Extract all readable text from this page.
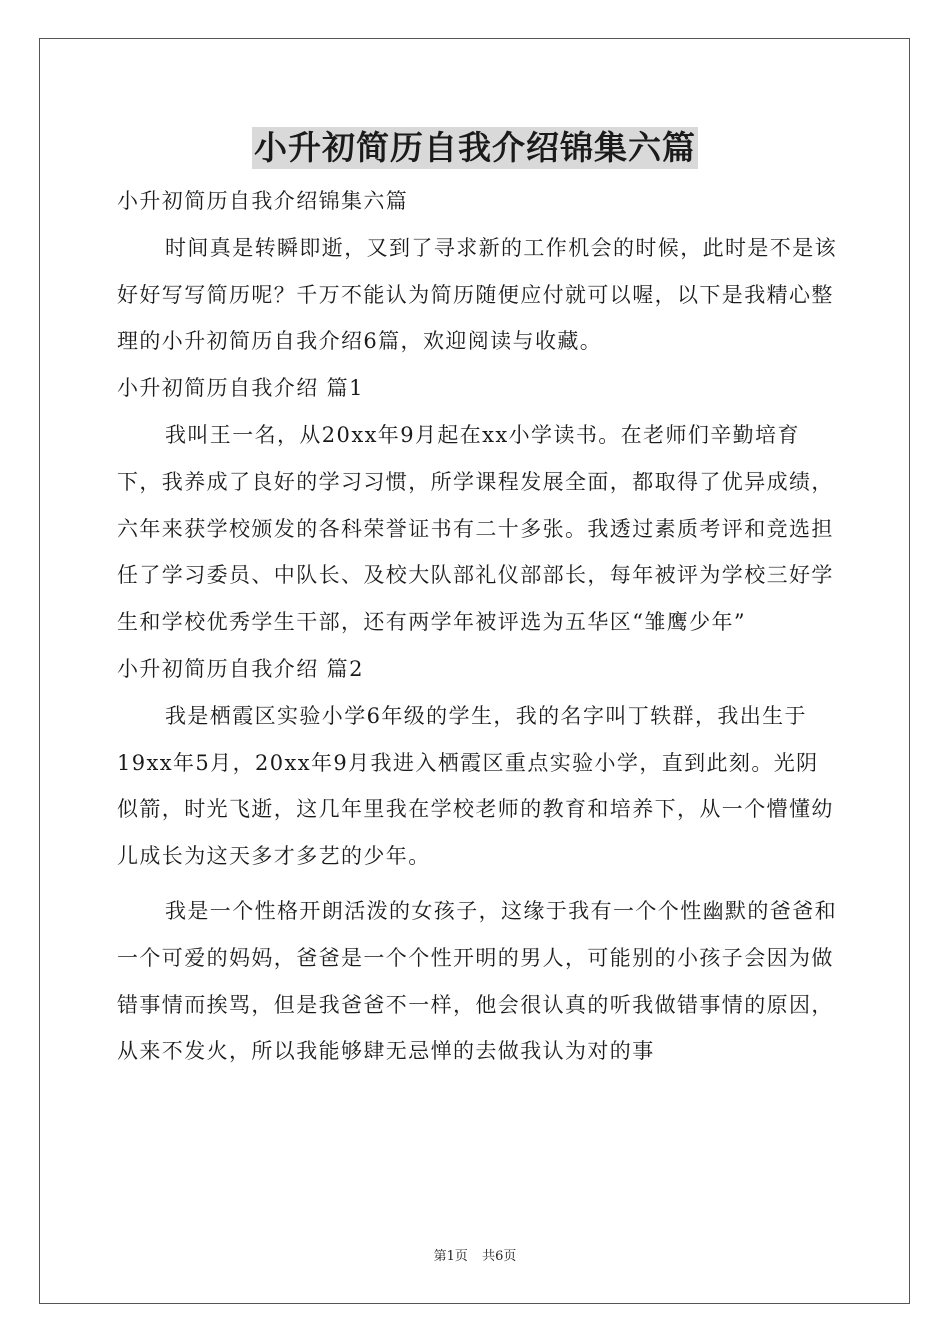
小升初简历自我介绍锦集六篇

小升初简历自我介绍锦集六篇

时间真是转瞬即逝，又到了寻求新的工作机会的时候，此时是不是该好好写写简历呢？千万不能认为简历随便应付就可以喔，以下是我精心整理的小升初简历自我介绍6篇，欢迎阅读与收藏。

小升初简历自我介绍 篇1

我叫王一名，从20xx年9月起在xx小学读书。在老师们辛勤培育下，我养成了良好的学习习惯，所学课程发展全面，都取得了优异成绩，六年来获学校颁发的各科荣誉证书有二十多张。我透过素质考评和竞选担任了学习委员、中队长、及校大队部礼仪部部长，每年被评为学校三好学生和学校优秀学生干部，还有两学年被评选为五华区“雏鹰少年”

小升初简历自我介绍 篇2

我是栖霞区实验小学6年级的学生，我的名字叫丁轶群，我出生于19xx年5月，20xx年9月我进入栖霞区重点实验小学，直到此刻。光阴似箭，时光飞逝，这几年里我在学校老师的教育和培养下，从一个懵懂幼儿成长为这天多才多艺的少年。

我是一个性格开朗活泼的女孩子，这缘于我有一个个性幽默的爸爸和一个可爱的妈妈，爸爸是一个个性开明的男人，可能别的小孩子会因为做错事情而挨骂，但是我爸爸不一样，他会很认真的听我做错事情的原因，从来不发火，所以我能够肆无忌惮的去做我认为对的事

第1页 共6页
